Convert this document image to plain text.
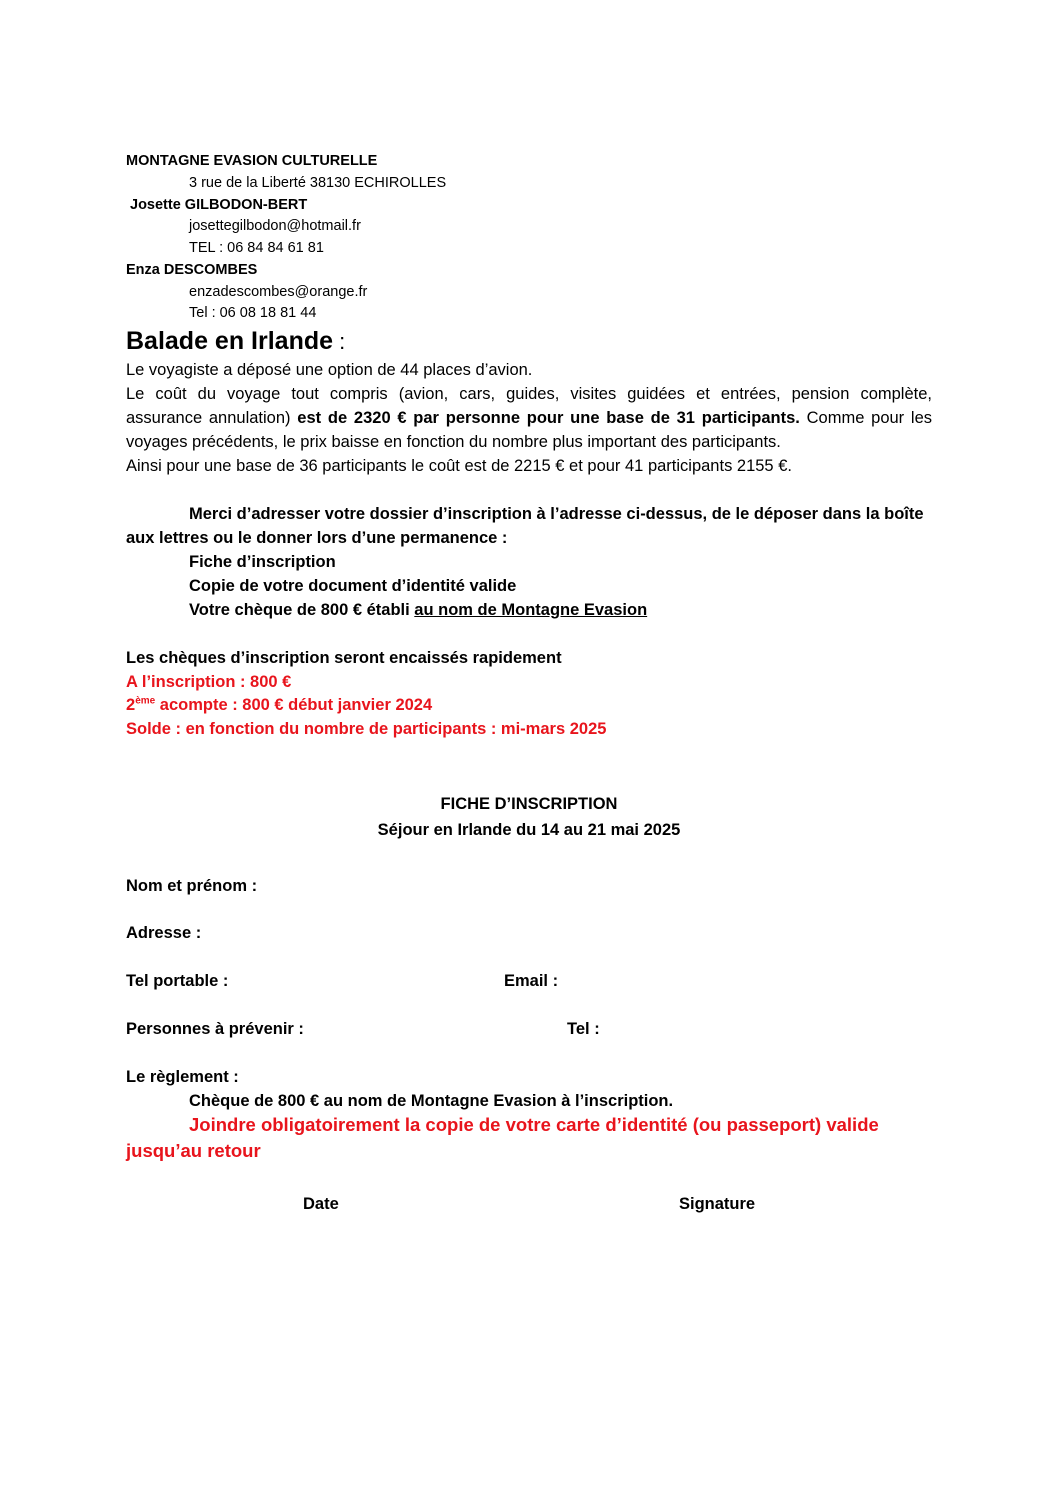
MONTAGNE EVASION CULTURELLE
3 rue de la Liberté 38130 ECHIROLLES
Josette GILBODON-BERT
josettegilbodon@hotmail.fr
TEL : 06 84 84 61 81
Enza DESCOMBES
enzadescombes@orange.fr
Tel : 06 08 18 81 44
Balade en Irlande :
Le voyagiste a déposé une option de 44 places d’avion.
Le coût du voyage tout compris (avion, cars, guides, visites guidées et entrées, pension complète,
assurance annulation) est de 2320 € par personne pour une base de 31 participants. Comme pour les
voyages précédents, le prix baisse en fonction du nombre plus important des participants.
Ainsi pour une base de 36 participants le coût est de 2215 € et pour 41 participants 2155 €.
Merci d’adresser votre dossier d’inscription à l’adresse ci-dessus, de le déposer dans la boîte
aux lettres ou le donner lors d’une permanence :
Fiche d’inscription
Copie de votre document d’identité valide
Votre chèque de 800 € établi au nom de Montagne Evasion
Les chèques d’inscription seront encaissés rapidement
A l’inscription : 800 €
2ème acompte : 800 € début janvier 2024
Solde : en fonction du nombre de participants : mi-mars 2025
FICHE D’INSCRIPTION
Séjour en Irlande du 14 au 21 mai 2025
Nom et prénom :
Adresse :
Tel portable :	Email :
Personnes à prévenir :	Tel :
Le règlement :
Chèque de 800 € au nom de Montagne Evasion à l’inscription.
Joindre obligatoirement la copie de votre carte d’identité (ou passeport) valide
jusqu’au retour
Date	Signature
